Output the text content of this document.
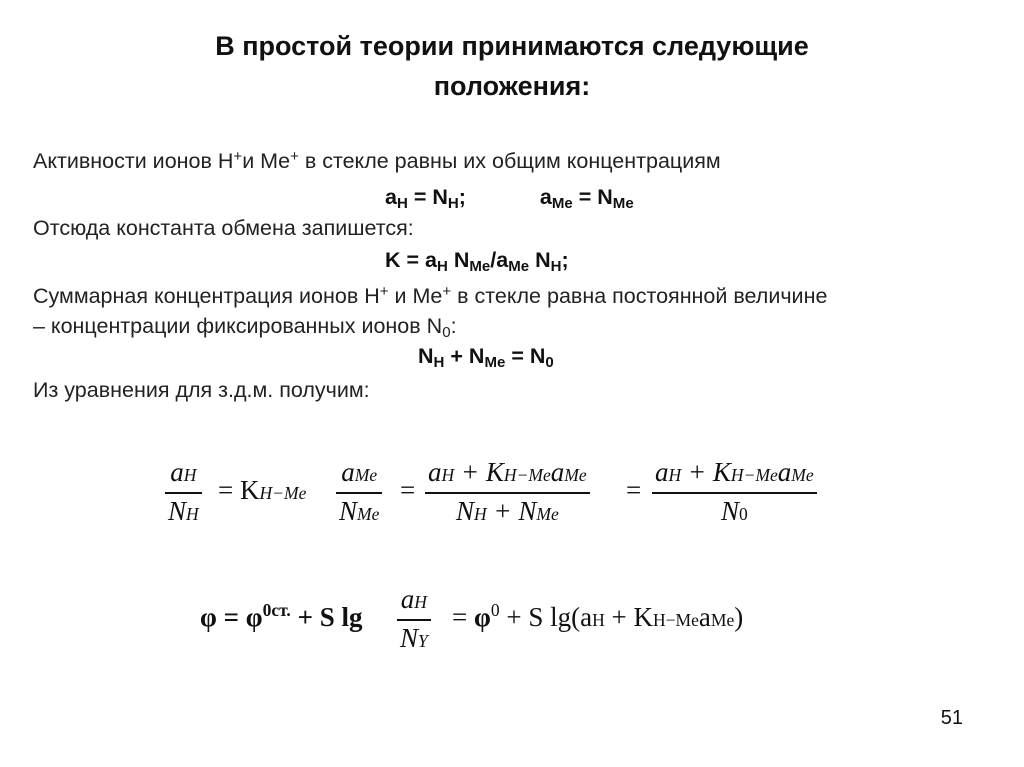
В простой теории принимаются следующие
положения:
Активности ионов H+и Me+ в стекле равны их общим концентрациям
$a_H = N_H$;	$a_{Me} = N_{Me}$
Отсюда константа обмена запишется:
$K = a_H$ $N_{Me}/a_{Me}$ $N_H$;
Суммарная концентрация ионов H+ и Me+ в стекле равна постоянной величине
– концентрации фиксированных ионов $N_0$:
$N_H + N_{Me} = N_0$
Из уравнения для з.д.м. получим:
aH
NH
= KH−Me
aMe
NMe
=
aH + KH−MeaMe
NH + NMe
=
aH + KH−MeaMe
N0
$\varphi = \varphi^{0ст.} + S$ lg
aH
NY
= $\varphi^0 + S$ lg(aH + KH−MeaMe)
51
